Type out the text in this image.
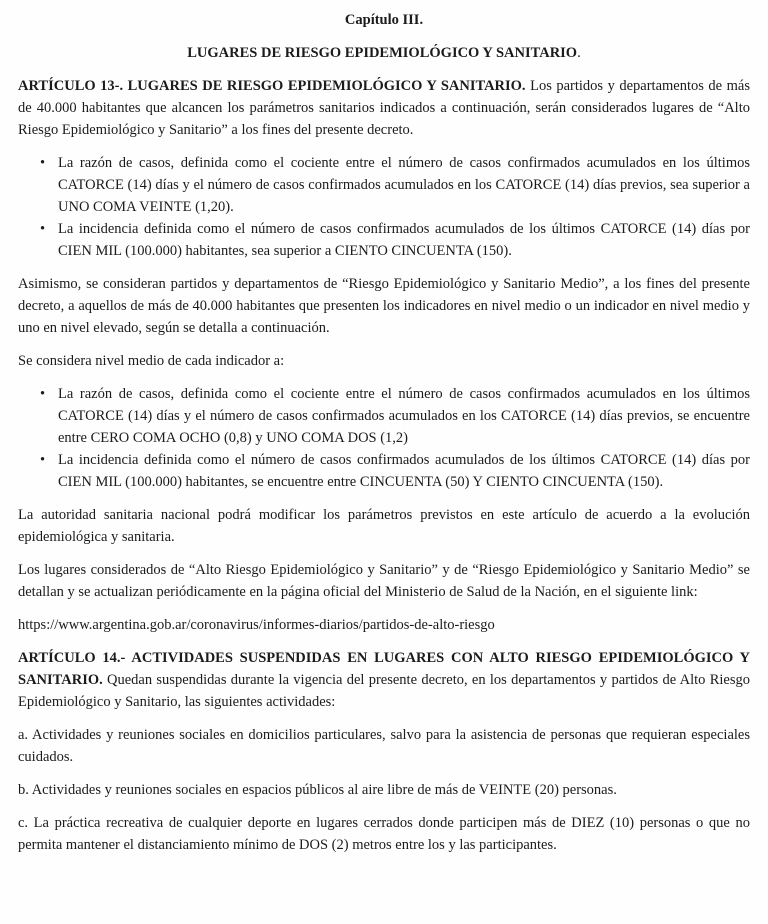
Capítulo III.

LUGARES DE RIESGO EPIDEMIOLÓGICO Y SANITARIO.

ARTÍCULO 13-. LUGARES DE RIESGO EPIDEMIOLÓGICO Y SANITARIO. Los partidos y departamentos de más de 40.000 habitantes que alcancen los parámetros sanitarios indicados a continuación, serán considerados lugares de “Alto Riesgo Epidemiológico y Sanitario” a los fines del presente decreto.

• La razón de casos, definida como el cociente entre el número de casos confirmados acumulados en los últimos CATORCE (14) días y el número de casos confirmados acumulados en los CATORCE (14) días previos, sea superior a UNO COMA VEINTE (1,20).
• La incidencia definida como el número de casos confirmados acumulados de los últimos CATORCE (14) días por CIEN MIL (100.000) habitantes, sea superior a CIENTO CINCUENTA (150).

Asimismo, se consideran partidos y departamentos de “Riesgo Epidemiológico y Sanitario Medio”, a los fines del presente decreto, a aquellos de más de 40.000 habitantes que presenten los indicadores en nivel medio o un indicador en nivel medio y uno en nivel elevado, según se detalla a continuación.

Se considera nivel medio de cada indicador a:

• La razón de casos, definida como el cociente entre el número de casos confirmados acumulados en los últimos CATORCE (14) días y el número de casos confirmados acumulados en los CATORCE (14) días previos, se encuentre entre CERO COMA OCHO (0,8) y UNO COMA DOS (1,2)
• La incidencia definida como el número de casos confirmados acumulados de los últimos CATORCE (14) días por CIEN MIL (100.000) habitantes, se encuentre entre CINCUENTA (50) Y CIENTO CINCUENTA (150).

La autoridad sanitaria nacional podrá modificar los parámetros previstos en este artículo de acuerdo a la evolución epidemiológica y sanitaria.

Los lugares considerados de “Alto Riesgo Epidemiológico y Sanitario” y de “Riesgo Epidemiológico y Sanitario Medio” se detallan y se actualizan periódicamente en la página oficial del Ministerio de Salud de la Nación, en el siguiente link:

https://www.argentina.gob.ar/coronavirus/informes-diarios/partidos-de-alto-riesgo

ARTÍCULO 14.- ACTIVIDADES SUSPENDIDAS EN LUGARES CON ALTO RIESGO EPIDEMIOLÓGICO Y SANITARIO. Quedan suspendidas durante la vigencia del presente decreto, en los departamentos y partidos de Alto Riesgo Epidemiológico y Sanitario, las siguientes actividades:

a. Actividades y reuniones sociales en domicilios particulares, salvo para la asistencia de personas que requieran especiales cuidados.
b. Actividades y reuniones sociales en espacios públicos al aire libre de más de VEINTE (20) personas.
c. La práctica recreativa de cualquier deporte en lugares cerrados donde participen más de DIEZ (10) personas o que no permita mantener el distanciamiento mínimo de DOS (2) metros entre los y las participantes.
